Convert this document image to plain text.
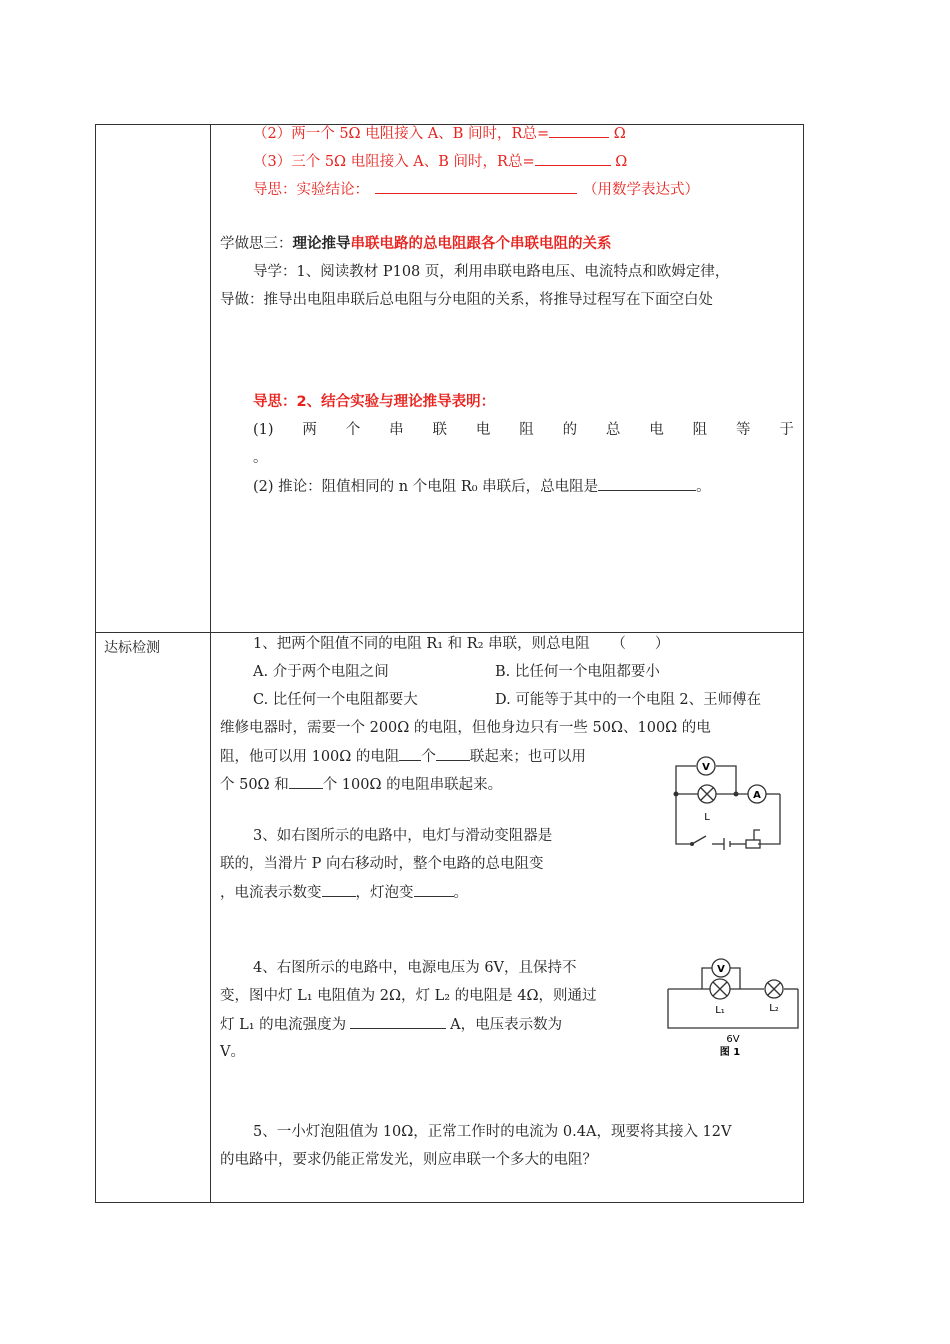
达标检测
（2）两一个 5Ω 电阻接入 A、B 间时，R总=	Ω
（3）三个 5Ω 电阻接入 A、B 间时，R总=	Ω
导思：实验结论：	（用数学表达式）
学做思三：理论推导串联电路的总电阻跟各个串联电阻的关系
导学：1、阅读教材 P108 页，利用串联电路电压、电流特点和欧姆定律，
导做：推导出电阻串联后总电阻与分电阻的关系，将推导过程写在下面空白处
导思：2、结合实验与理论推导表明：
(1) 两 个 串 联 电 阻 的 总 电 阻 等 于
。
(2) 推论：阻值相同的 n 个电阻 R₀ 串联后，总电阻是	。
1、把两个阻值不同的电阻 R₁ 和 R₂ 串联，则总电阻　　（　　）
A. 介于两个电阻之间	B. 比任何一个电阻都要小
C. 比任何一个电阻都要大	D. 可能等于其中的一个电阻 2、王师傅在
维修电器时，需要一个 200Ω 的电阻，但他身边只有一些 50Ω、100Ω 的电
阻，他可以用 100Ω 的电阻 个 联起来；也可以用
个 50Ω 和 个 100Ω 的电阻串联起来。
3、如右图所示的电路中，电灯与滑动变阻器是
联的，当滑片 P 向右移动时，整个电路的总电阻变
，电流表示数变 ，灯泡变	。
4、右图所示的电路中，电源电压为 6V，且保持不
变，图中灯 L₁ 电阻值为 2Ω，灯 L₂ 的电阻是 4Ω，则通过
灯 L₁ 的电流强度为	A，电压表示数为
V。
5、一小灯泡阻值为 10Ω，正常工作时的电流为 0.4A，现要将其接入 12V
的电路中，要求仍能正常发光，则应串联一个多大的电阻？
V
A
L
V
L₁	L₂
6V
图 1
